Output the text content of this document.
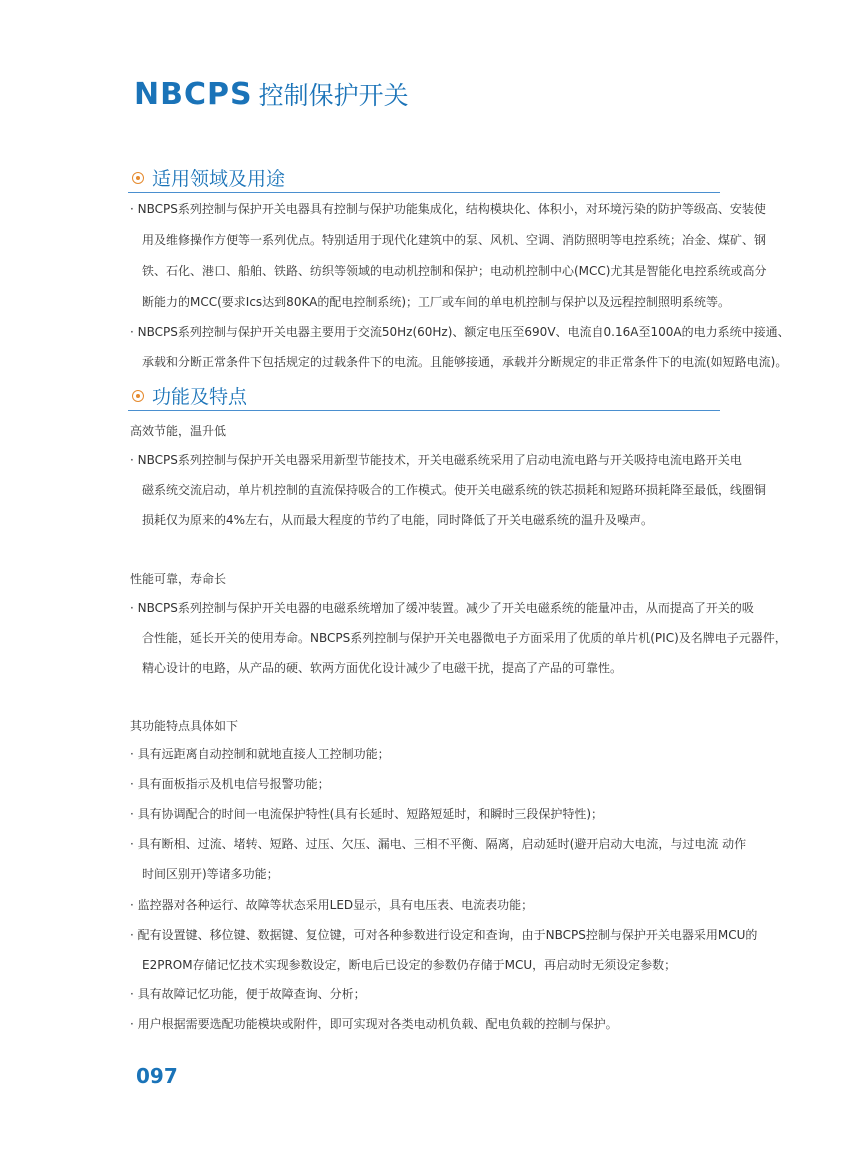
NBCPS 控制保护开关
适用领域及用途
· NBCPS系列控制与保护开关电器具有控制与保护功能集成化，结构模块化、体积小，对环境污染的防护等级高、安装使
用及维修操作方便等一系列优点。特别适用于现代化建筑中的泵、风机、空调、消防照明等电控系统；冶金、煤矿、钢
铁、石化、港口、船舶、铁路、纺织等领域的电动机控制和保护；电动机控制中心(MCC)尤其是智能化电控系统或高分
断能力的MCC(要求Ics达到80KA的配电控制系统)；工厂或车间的单电机控制与保护以及远程控制照明系统等。
· NBCPS系列控制与保护开关电器主要用于交流50Hz(60Hz)、额定电压至690V、电流自0.16A至100A的电力系统中接通、
承载和分断正常条件下包括规定的过载条件下的电流。且能够接通，承载并分断规定的非正常条件下的电流(如短路电流)。
功能及特点
高效节能，温升低
· NBCPS系列控制与保护开关电器采用新型节能技术，开关电磁系统采用了启动电流电路与开关吸持电流电路开关电
磁系统交流启动，单片机控制的直流保持吸合的工作模式。使开关电磁系统的铁芯损耗和短路环损耗降至最低，线圈铜
损耗仅为原来的4%左右，从而最大程度的节约了电能，同时降低了开关电磁系统的温升及噪声。
性能可靠，寿命长
· NBCPS系列控制与保护开关电器的电磁系统增加了缓冲装置。减少了开关电磁系统的能量冲击，从而提高了开关的吸
合性能，延长开关的使用寿命。NBCPS系列控制与保护开关电器微电子方面采用了优质的单片机(PIC)及名牌电子元器件，
精心设计的电路，从产品的硬、软两方面优化设计减少了电磁干扰，提高了产品的可靠性。
其功能特点具体如下
· 具有远距离自动控制和就地直接人工控制功能；
· 具有面板指示及机电信号报警功能；
· 具有协调配合的时间一电流保护特性(具有长延时、短路短延时，和瞬时三段保护特性)；
· 具有断相、过流、堵转、短路、过压、欠压、漏电、三相不平衡、隔离，启动延时(避开启动大电流，与过电流 动作
时间区别开)等诸多功能；
· 监控器对各种运行、故障等状态采用LED显示，具有电压表、电流表功能；
· 配有设置键、移位键、数据键、复位键，可对各种参数进行设定和查询，由于NBCPS控制与保护开关电器采用MCU的
E2PROM存储记忆技术实现参数设定，断电后已设定的参数仍存储于MCU，再启动时无须设定参数；
· 具有故障记忆功能，便于故障查询、分析；
· 用户根据需要选配功能模块或附件，即可实现对各类电动机负载、配电负载的控制与保护。
097
